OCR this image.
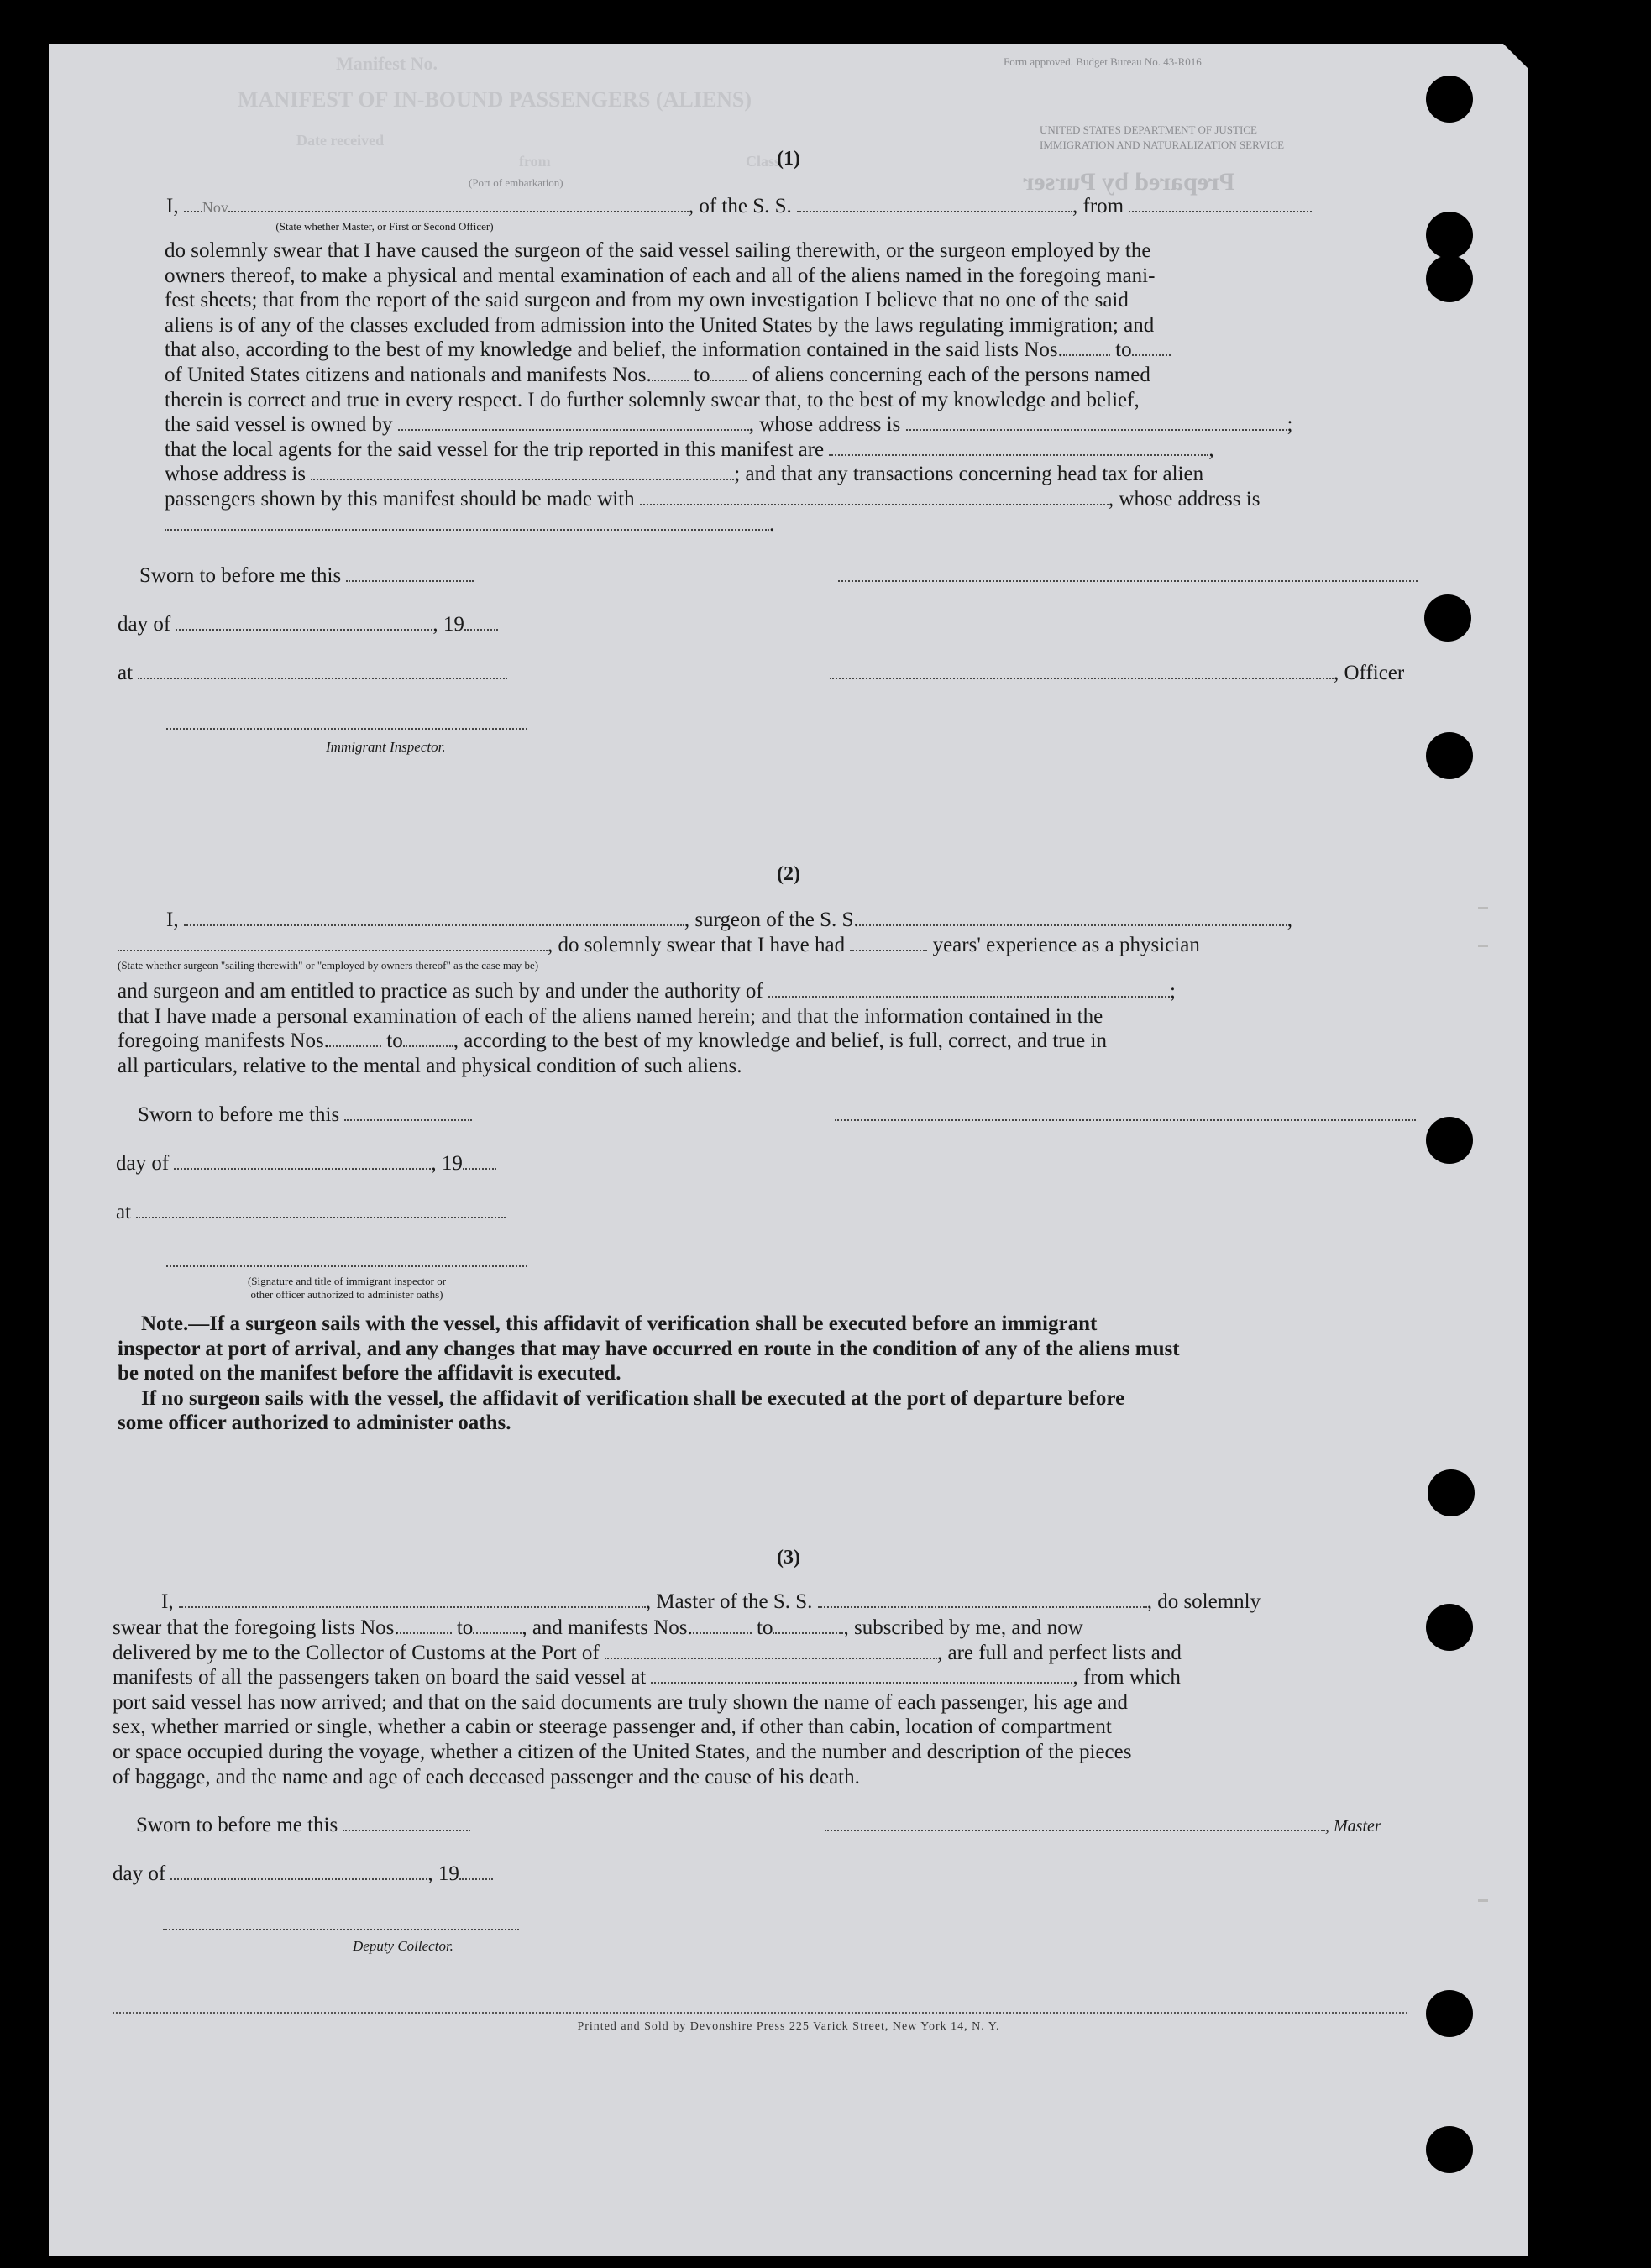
Form approved. Budget Bureau No. 43-R016
Manifest No.
MANIFEST OF IN-BOUND PASSENGERS (ALIENS)
Class
Date received
from
(Port of embarkation)
UNITED STATES DEPARTMENT OF JUSTICE
IMMIGRATION AND NATURALIZATION SERVICE
Prepared by Purser
(1)
I, Nov	, of the S. S.	, from
(State whether Master, or First or Second Officer)
do solemnly swear that I have caused the surgeon of the said vessel sailing therewith, or the surgeon employed by the
owners thereof, to make a physical and mental examination of each and all of the aliens named in the foregoing mani-
fest sheets; that from the report of the said surgeon and from my own investigation I believe that no one of the said
aliens is of any of the classes excluded from admission into the United States by the laws regulating immigration; and
that also, according to the best of my knowledge and belief, the information contained in the said lists Nos. to
of United States citizens and nationals and manifests Nos. to of aliens concerning each of the persons named
therein is correct and true in every respect. I do further solemnly swear that, to the best of my knowledge and belief,
the said vessel is owned by	, whose address is	;
that the local agents for the said vessel for the trip reported in this manifest are	,
whose address is	; and that any transactions concerning head tax for alien
passengers shown by this manifest should be made with	, whose address is
.
Sworn to before me this
day of	, 19
at	, Officer
Immigrant Inspector.
(2)
I,	, surgeon of the S. S.	,
, do solemnly swear that I have had	years' experience as a physician
(State whether surgeon "sailing therewith" or "employed by owners thereof" as the case may be)
and surgeon and am entitled to practice as such by and under the authority of	;
that I have made a personal examination of each of the aliens named herein; and that the information contained in the
foregoing manifests Nos.	to , according to the best of my knowledge and belief, is full, correct, and true in
all particulars, relative to the mental and physical condition of such aliens.
Sworn to before me this
day of	, 19
at
(Signature and title of immigrant inspector or
other officer authorized to administer oaths)
Note.—If a surgeon sails with the vessel, this affidavit of verification shall be executed before an immigrant
inspector at port of arrival, and any changes that may have occurred en route in the condition of any of the aliens must
be noted on the manifest before the affidavit is executed.
If no surgeon sails with the vessel, the affidavit of verification shall be executed at the port of departure before
some officer authorized to administer oaths.
(3)
I,	, Master of the S. S.	, do solemnly
swear that the foregoing lists Nos.	to , and manifests Nos.	to	, subscribed by me, and now
delivered by me to the Collector of Customs at the Port of	, are full and perfect lists and
manifests of all the passengers taken on board the said vessel at	, from which
port said vessel has now arrived; and that on the said documents are truly shown the name of each passenger, his age and
sex, whether married or single, whether a cabin or steerage passenger and, if other than cabin, location of compartment
or space occupied during the voyage, whether a citizen of the United States, and the number and description of the pieces
of baggage, and the name and age of each deceased passenger and the cause of his death.
Sworn to before me this	, Master
day of	, 19
Deputy Collector.
Printed and Sold by Devonshire Press 225 Varick Street, New York 14, N. Y.
